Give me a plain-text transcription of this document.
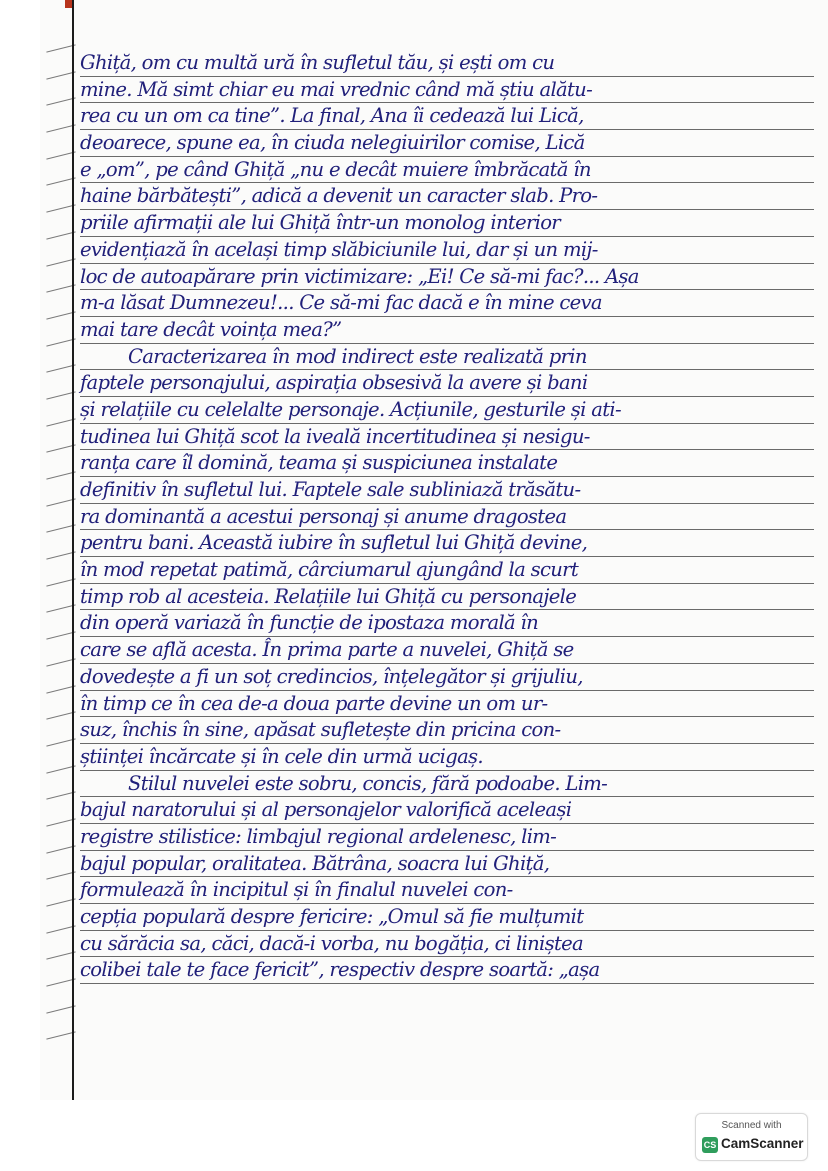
Ghiță, om cu multă ură în sufletul tău, și ești om cu
mine. Mă simt chiar eu mai vrednic când mă știu alătu-
rea cu un om ca tine”. La final, Ana îi cedează lui Lică,
deoarece, spune ea, în ciuda nelegiuirilor comise, Lică
e „om”, pe când Ghiță „nu e decât muiere îmbrăcată în
haine bărbătești”, adică a devenit un caracter slab. Pro-
priile afirmații ale lui Ghiță într-un monolog interior
evidențiază în același timp slăbiciunile lui, dar și un mij-
loc de autoapărare prin victimizare: „Ei! Ce să-mi fac?... Așa
m-a lăsat Dumnezeu!... Ce să-mi fac dacă e în mine ceva
mai tare decât voința mea?”
Caracterizarea în mod indirect este realizată prin
faptele personajului, aspirația obsesivă la avere și bani
și relațiile cu celelalte personaje. Acțiunile, gesturile și ati-
tudinea lui Ghiță scot la iveală incertitudinea și nesigu-
ranța care îl domină, teama și suspiciunea instalate
definitiv în sufletul lui. Faptele sale subliniază trăsătu-
ra dominantă a acestui personaj și anume dragostea
pentru bani. Această iubire în sufletul lui Ghiță devine,
în mod repetat patimă, cârciumarul ajungând la scurt
timp rob al acesteia. Relațiile lui Ghiță cu personajele
din operă variază în funcție de ipostaza morală în
care se află acesta. În prima parte a nuvelei, Ghiță se
dovedește a fi un soț credincios, înțelegător și grijuliu,
în timp ce în cea de-a doua parte devine un om ur-
suz, închis în sine, apăsat sufletește din pricina con-
științei încărcate și în cele din urmă ucigaș.
Stilul nuvelei este sobru, concis, fără podoabe. Lim-
bajul naratorului și al personajelor valorifică aceleași
registre stilistice: limbajul regional ardelenesc, lim-
bajul popular, oralitatea. Bătrâna, soacra lui Ghiță,
formulează în incipitul și în finalul nuvelei con-
cepția populară despre fericire: „Omul să fie mulțumit
cu sărăcia sa, căci, dacă-i vorba, nu bogăția, ci liniștea
colibei tale te face fericit”, respectiv despre soartă: „așa
Scanned with
CS CamScanner
